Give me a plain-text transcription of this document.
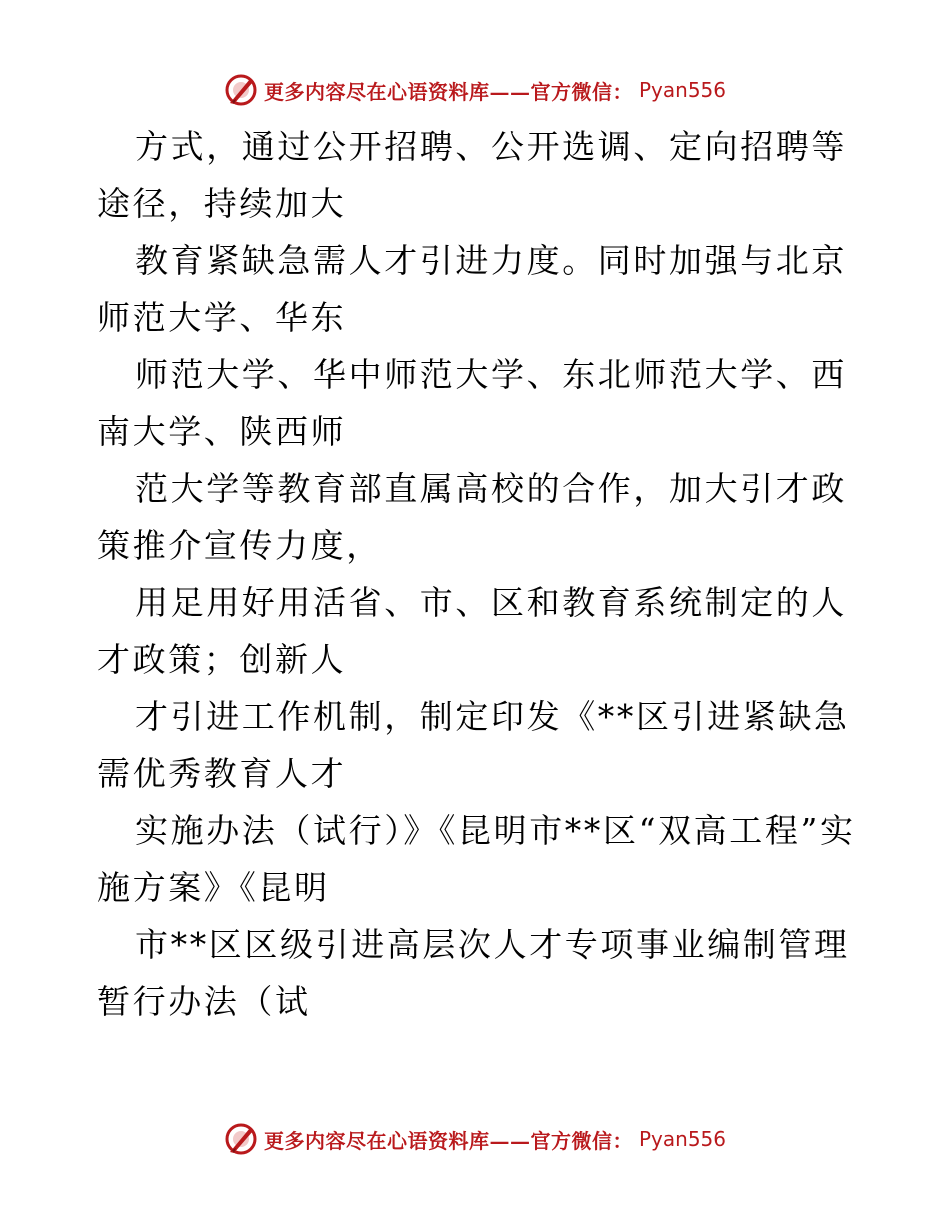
更多内容尽在心语资料库——官方微信： Pyan556

方式，通过公开招聘、公开选调、定向招聘等途径，持续加大

教育紧缺急需人才引进力度。同时加强与北京师范大学、华东

师范大学、华中师范大学、东北师范大学、西南大学、陕西师

范大学等教育部直属高校的合作，加大引才政策推介宣传力度，

用足用好用活省、市、区和教育系统制定的人才政策；创新人

才引进工作机制，制定印发《**区引进紧缺急需优秀教育人才

实施办法（试行）》《昆明市**区“双高工程”实施方案》《昆明

市**区区级引进高层次人才专项事业编制管理暂行办法（试

更多内容尽在心语资料库——官方微信： Pyan556
